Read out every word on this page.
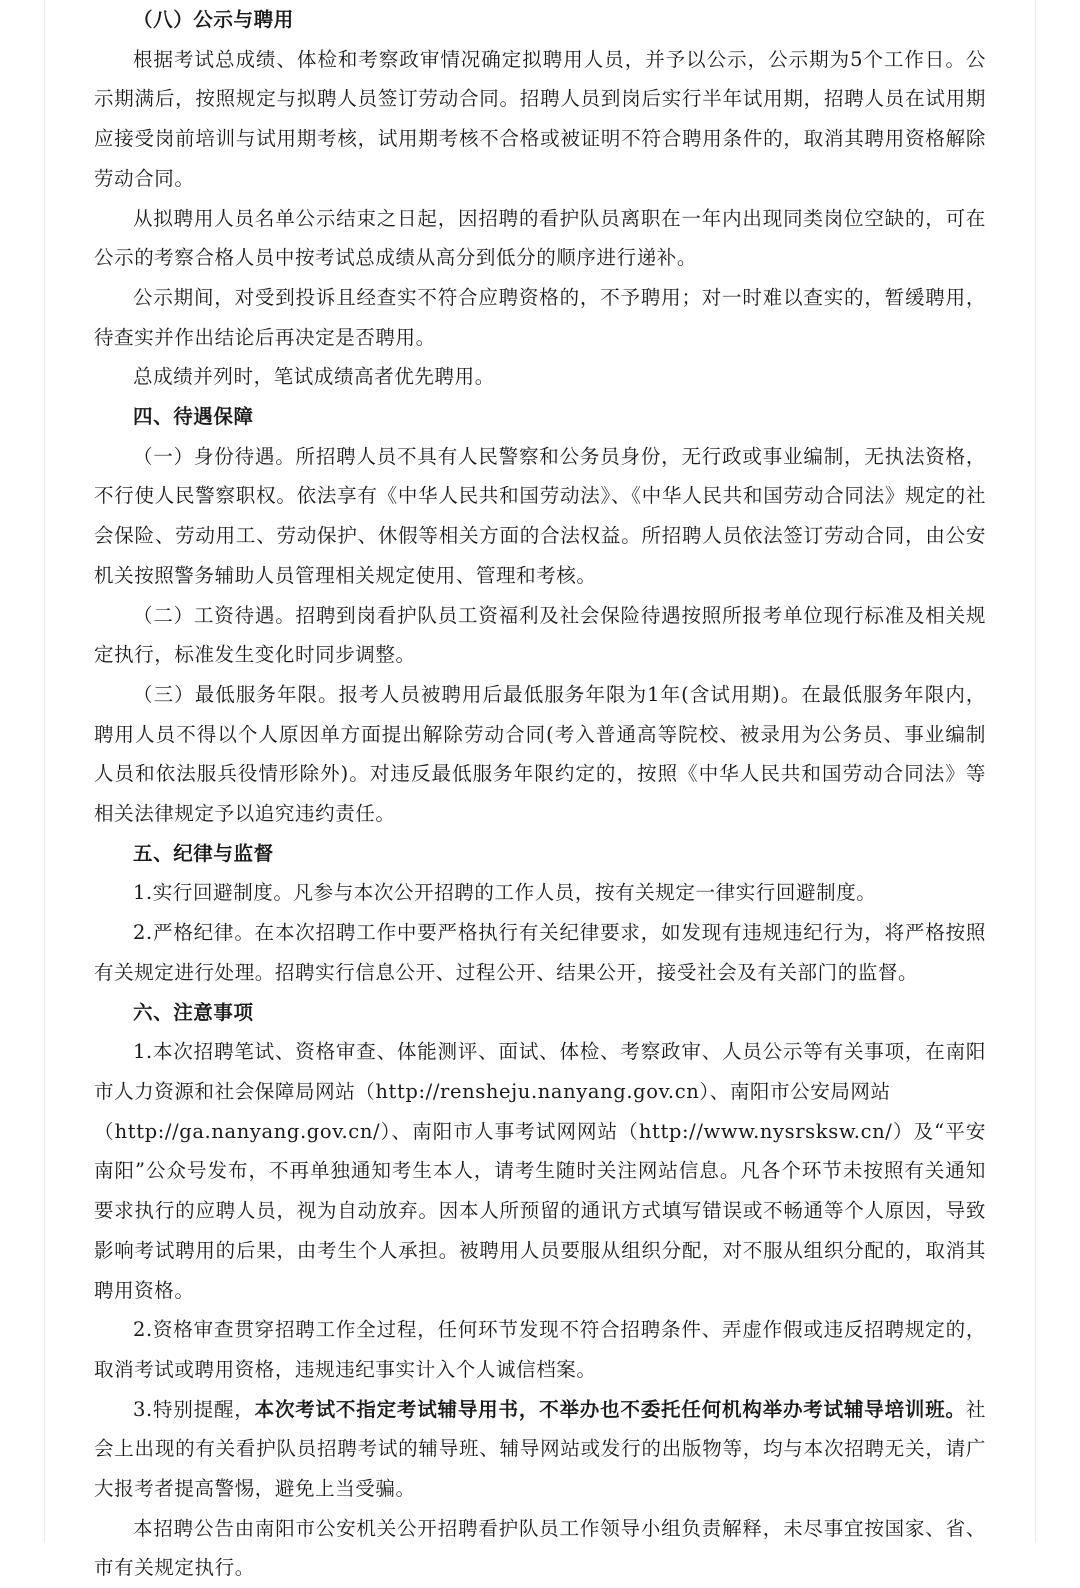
（八）公示与聘用

根据考试总成绩、体检和考察政审情况确定拟聘用人员，并予以公示，公示期为5个工作日。公示期满后，按照规定与拟聘人员签订劳动合同。招聘人员到岗后实行半年试用期，招聘人员在试用期应接受岗前培训与试用期考核，试用期考核不合格或被证明不符合聘用条件的，取消其聘用资格解除劳动合同。

从拟聘用人员名单公示结束之日起，因招聘的看护队员离职在一年内出现同类岗位空缺的，可在公示的考察合格人员中按考试总成绩从高分到低分的顺序进行递补。

公示期间，对受到投诉且经查实不符合应聘资格的，不予聘用；对一时难以查实的，暂缓聘用，待查实并作出结论后再决定是否聘用。

总成绩并列时，笔试成绩高者优先聘用。

四、待遇保障

（一）身份待遇。所招聘人员不具有人民警察和公务员身份，无行政或事业编制，无执法资格，不行使人民警察职权。依法享有《中华人民共和国劳动法》、《中华人民共和国劳动合同法》规定的社会保险、劳动用工、劳动保护、休假等相关方面的合法权益。所招聘人员依法签订劳动合同，由公安机关按照警务辅助人员管理相关规定使用、管理和考核。

（二）工资待遇。招聘到岗看护队员工资福利及社会保险待遇按照所报考单位现行标准及相关规定执行，标准发生变化时同步调整。

（三）最低服务年限。报考人员被聘用后最低服务年限为1年(含试用期)。在最低服务年限内，聘用人员不得以个人原因单方面提出解除劳动合同(考入普通高等院校、被录用为公务员、事业编制人员和依法服兵役情形除外)。对违反最低服务年限约定的，按照《中华人民共和国劳动合同法》等相关法律规定予以追究违约责任。

五、纪律与监督

1.实行回避制度。凡参与本次公开招聘的工作人员，按有关规定一律实行回避制度。

2.严格纪律。在本次招聘工作中要严格执行有关纪律要求，如发现有违规违纪行为，将严格按照有关规定进行处理。招聘实行信息公开、过程公开、结果公开，接受社会及有关部门的监督。

六、注意事项

1.本次招聘笔试、资格审查、体能测评、面试、体检、考察政审、人员公示等有关事项，在南阳市人力资源和社会保障局网站（http://rensheju.nanyang.gov.cn）、南阳市公安局网站

（http://ga.nanyang.gov.cn/）、南阳市人事考试网网站（http://www.nysrsksw.cn/）及“平安南阳”公众号发布，不再单独通知考生本人，请考生随时关注网站信息。凡各个环节未按照有关通知要求执行的应聘人员，视为自动放弃。因本人所预留的通讯方式填写错误或不畅通等个人原因，导致影响考试聘用的后果，由考生个人承担。被聘用人员要服从组织分配，对不服从组织分配的，取消其聘用资格。

2.资格审查贯穿招聘工作全过程，任何环节发现不符合招聘条件、弄虚作假或违反招聘规定的，取消考试或聘用资格，违规违纪事实计入个人诚信档案。

3.特别提醒，本次考试不指定考试辅导用书，不举办也不委托任何机构举办考试辅导培训班。社会上出现的有关看护队员招聘考试的辅导班、辅导网站或发行的出版物等，均与本次招聘无关，请广大报考者提高警惕，避免上当受骗。

本招聘公告由南阳市公安机关公开招聘看护队员工作领导小组负责解释，未尽事宜按国家、省、市有关规定执行。
